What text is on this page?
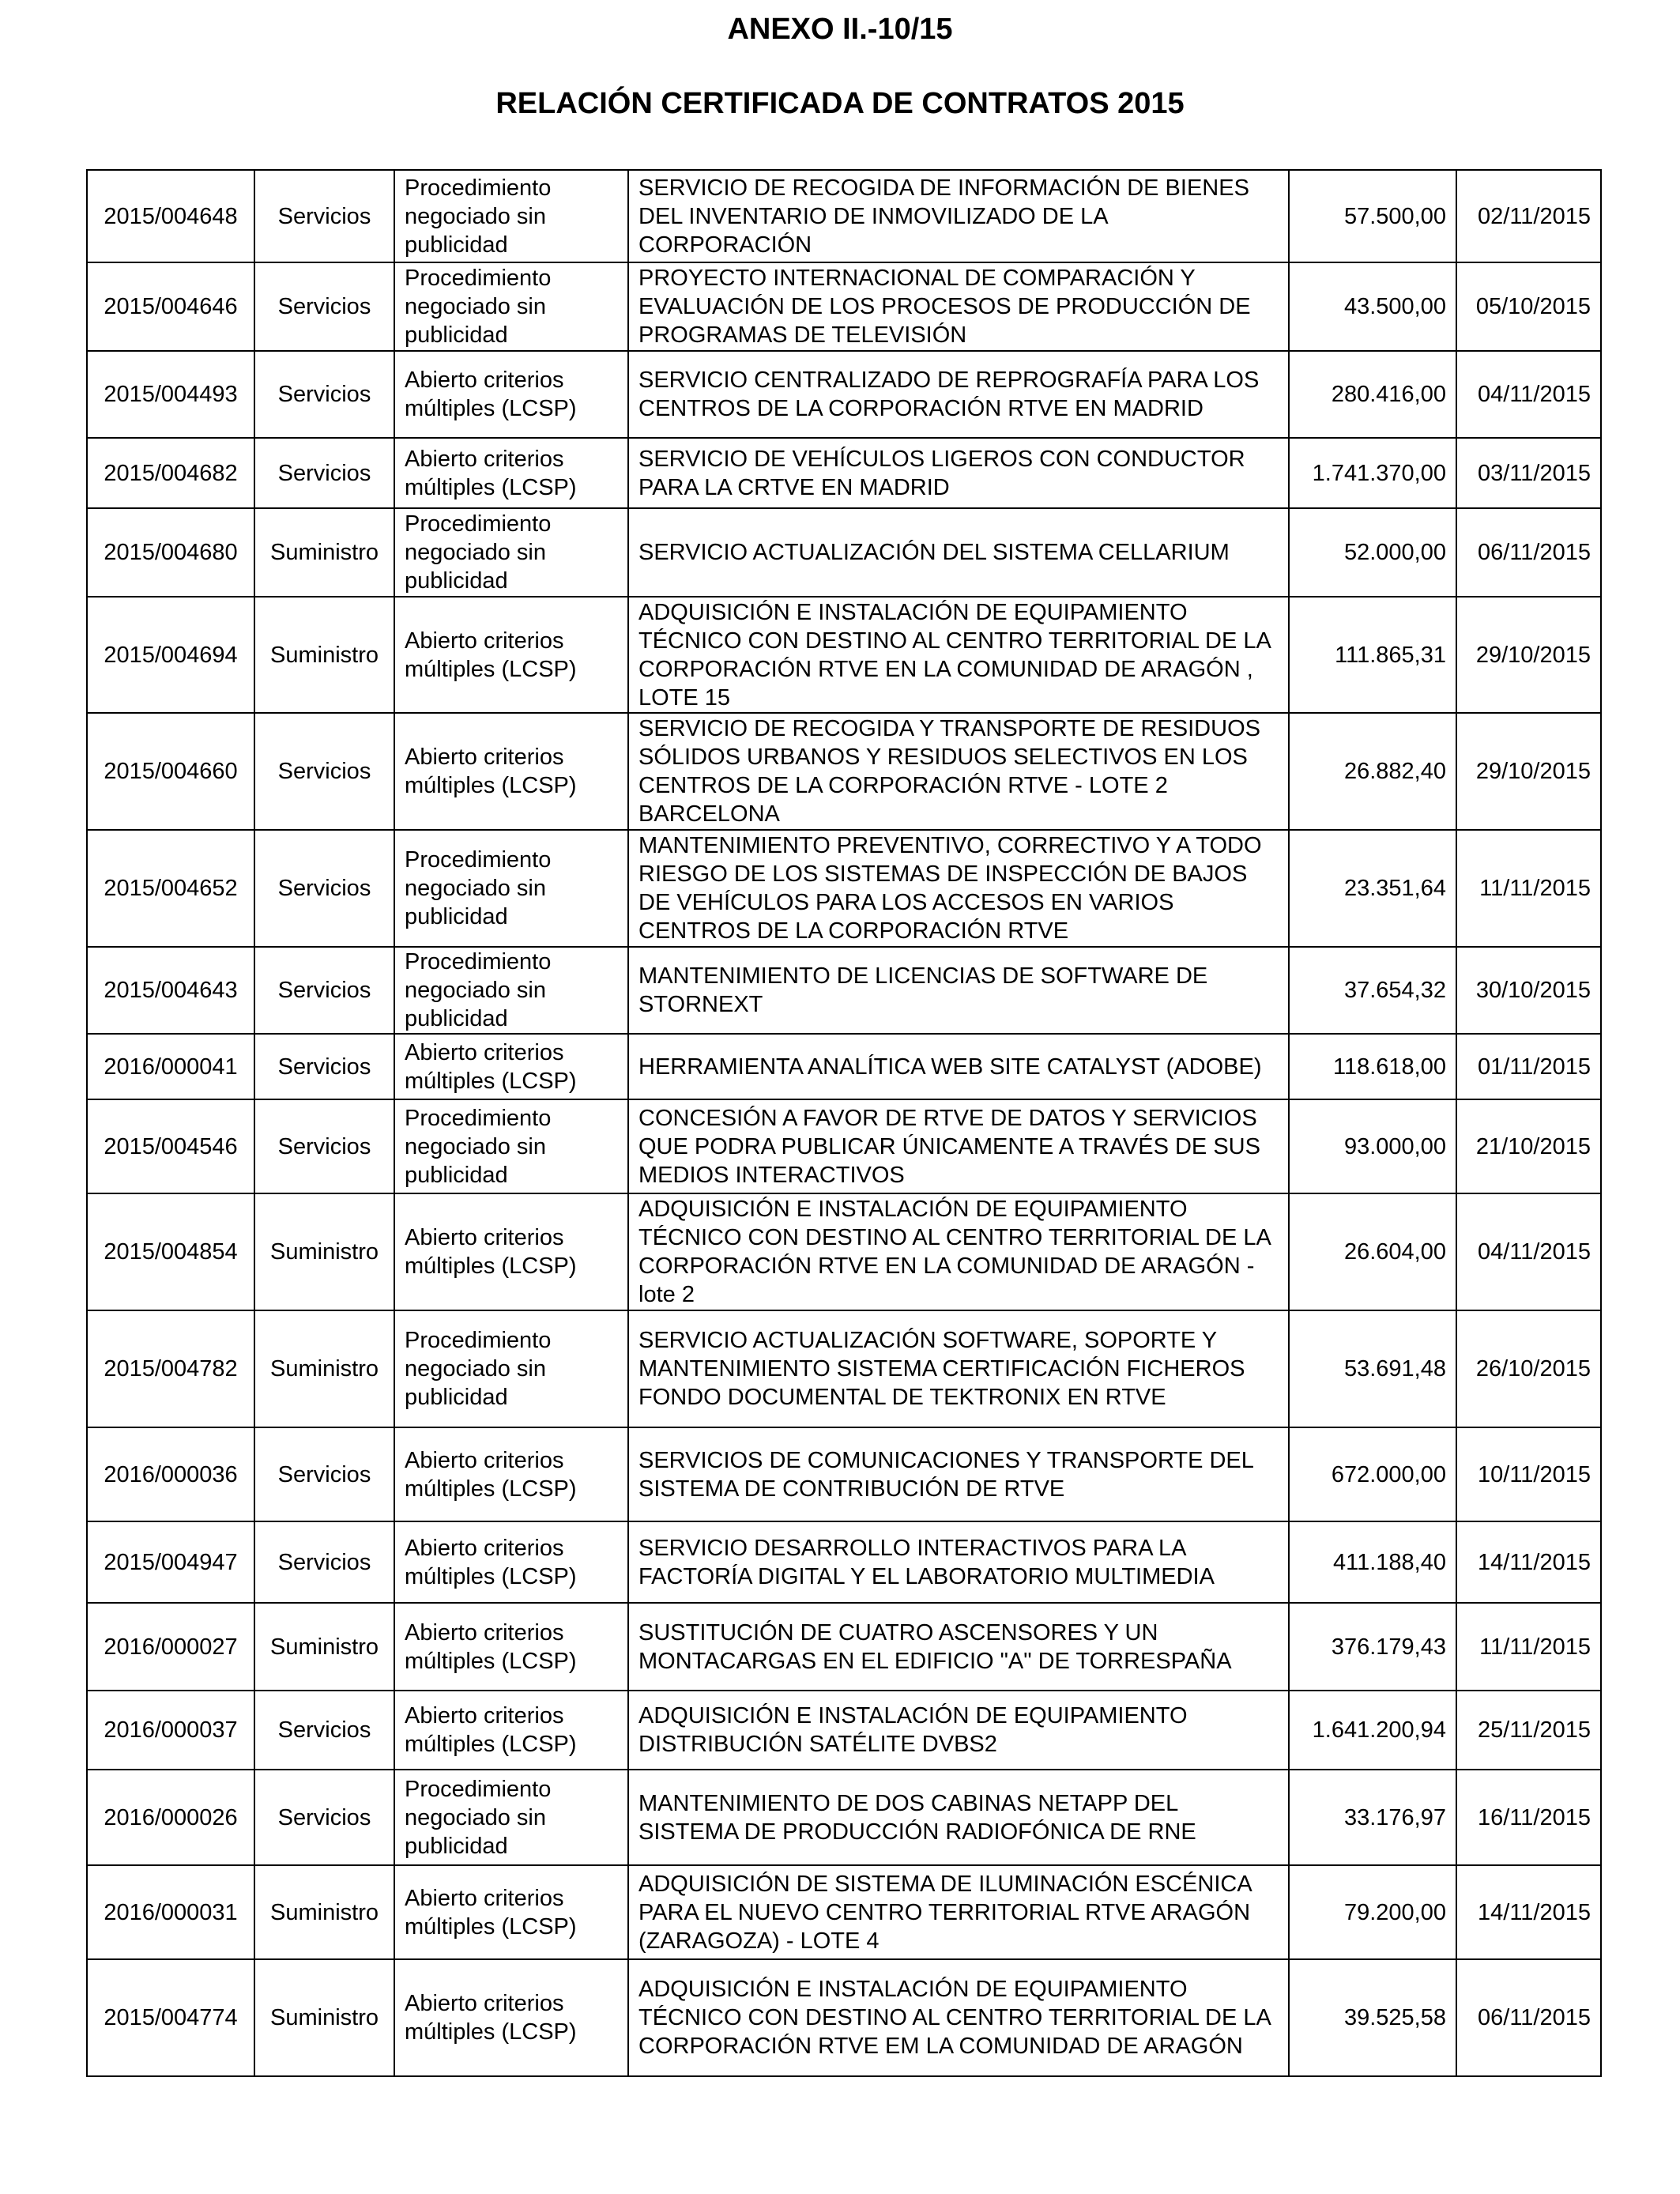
ANEXO II.-10/15
RELACIÓN CERTIFICADA DE CONTRATOS 2015
2015/004648	Servicios	Procedimiento negociado sin publicidad	SERVICIO DE RECOGIDA DE INFORMACIÓN DE BIENES DEL INVENTARIO DE INMOVILIZADO DE LA CORPORACIÓN	57.500,00	02/11/2015
2015/004646	Servicios	Procedimiento negociado sin publicidad	PROYECTO INTERNACIONAL DE COMPARACIÓN Y EVALUACIÓN DE LOS PROCESOS DE PRODUCCIÓN DE PROGRAMAS DE TELEVISIÓN	43.500,00	05/10/2015
2015/004493	Servicios	Abierto criterios múltiples (LCSP)	SERVICIO CENTRALIZADO DE REPROGRAFÍA PARA LOS CENTROS DE LA CORPORACIÓN RTVE EN MADRID	280.416,00	04/11/2015
2015/004682	Servicios	Abierto criterios múltiples (LCSP)	SERVICIO DE VEHÍCULOS LIGEROS CON CONDUCTOR PARA LA CRTVE EN MADRID	1.741.370,00	03/11/2015
2015/004680	Suministro	Procedimiento negociado sin publicidad	SERVICIO ACTUALIZACIÓN DEL SISTEMA CELLARIUM	52.000,00	06/11/2015
2015/004694	Suministro	Abierto criterios múltiples (LCSP)	ADQUISICIÓN E INSTALACIÓN DE EQUIPAMIENTO TÉCNICO CON DESTINO AL CENTRO TERRITORIAL DE LA CORPORACIÓN RTVE EN LA COMUNIDAD DE ARAGÓN , LOTE 15	111.865,31	29/10/2015
2015/004660	Servicios	Abierto criterios múltiples (LCSP)	SERVICIO DE RECOGIDA Y TRANSPORTE DE RESIDUOS SÓLIDOS URBANOS Y RESIDUOS SELECTIVOS EN LOS CENTROS DE LA CORPORACIÓN RTVE - LOTE 2 BARCELONA	26.882,40	29/10/2015
2015/004652	Servicios	Procedimiento negociado sin publicidad	MANTENIMIENTO PREVENTIVO, CORRECTIVO Y A TODO RIESGO DE LOS SISTEMAS DE INSPECCIÓN DE BAJOS DE VEHÍCULOS PARA LOS ACCESOS EN VARIOS CENTROS DE LA CORPORACIÓN RTVE	23.351,64	11/11/2015
2015/004643	Servicios	Procedimiento negociado sin publicidad	MANTENIMIENTO DE LICENCIAS DE SOFTWARE DE STORNEXT	37.654,32	30/10/2015
2016/000041	Servicios	Abierto criterios múltiples (LCSP)	HERRAMIENTA ANALÍTICA WEB SITE CATALYST (ADOBE)	118.618,00	01/11/2015
2015/004546	Servicios	Procedimiento negociado sin publicidad	CONCESIÓN A FAVOR DE RTVE DE DATOS Y SERVICIOS QUE PODRA PUBLICAR ÚNICAMENTE A TRAVÉS DE SUS MEDIOS INTERACTIVOS	93.000,00	21/10/2015
2015/004854	Suministro	Abierto criterios múltiples (LCSP)	ADQUISICIÓN E INSTALACIÓN DE EQUIPAMIENTO TÉCNICO CON DESTINO AL CENTRO TERRITORIAL DE LA CORPORACIÓN RTVE EN LA COMUNIDAD DE ARAGÓN - lote 2	26.604,00	04/11/2015
2015/004782	Suministro	Procedimiento negociado sin publicidad	SERVICIO ACTUALIZACIÓN SOFTWARE, SOPORTE Y MANTENIMIENTO SISTEMA CERTIFICACIÓN FICHEROS FONDO DOCUMENTAL DE TEKTRONIX EN RTVE	53.691,48	26/10/2015
2016/000036	Servicios	Abierto criterios múltiples (LCSP)	SERVICIOS DE COMUNICACIONES Y TRANSPORTE DEL SISTEMA DE CONTRIBUCIÓN DE RTVE	672.000,00	10/11/2015
2015/004947	Servicios	Abierto criterios múltiples (LCSP)	SERVICIO DESARROLLO INTERACTIVOS PARA LA FACTORÍA DIGITAL Y EL LABORATORIO MULTIMEDIA	411.188,40	14/11/2015
2016/000027	Suministro	Abierto criterios múltiples (LCSP)	SUSTITUCIÓN DE CUATRO ASCENSORES Y UN MONTACARGAS EN EL EDIFICIO "A" DE TORRESPAÑA	376.179,43	11/11/2015
2016/000037	Servicios	Abierto criterios múltiples (LCSP)	ADQUISICIÓN E INSTALACIÓN DE EQUIPAMIENTO DISTRIBUCIÓN SATÉLITE DVBS2	1.641.200,94	25/11/2015
2016/000026	Servicios	Procedimiento negociado sin publicidad	MANTENIMIENTO DE DOS CABINAS NETAPP DEL SISTEMA DE PRODUCCIÓN RADIOFÓNICA DE RNE	33.176,97	16/11/2015
2016/000031	Suministro	Abierto criterios múltiples (LCSP)	ADQUISICIÓN DE SISTEMA DE ILUMINACIÓN ESCÉNICA PARA EL NUEVO CENTRO TERRITORIAL RTVE ARAGÓN (ZARAGOZA) - LOTE 4	79.200,00	14/11/2015
2015/004774	Suministro	Abierto criterios múltiples (LCSP)	ADQUISICIÓN E INSTALACIÓN DE EQUIPAMIENTO TÉCNICO CON DESTINO AL CENTRO TERRITORIAL DE LA CORPORACIÓN RTVE EM LA COMUNIDAD DE ARAGÓN	39.525,58	06/11/2015
